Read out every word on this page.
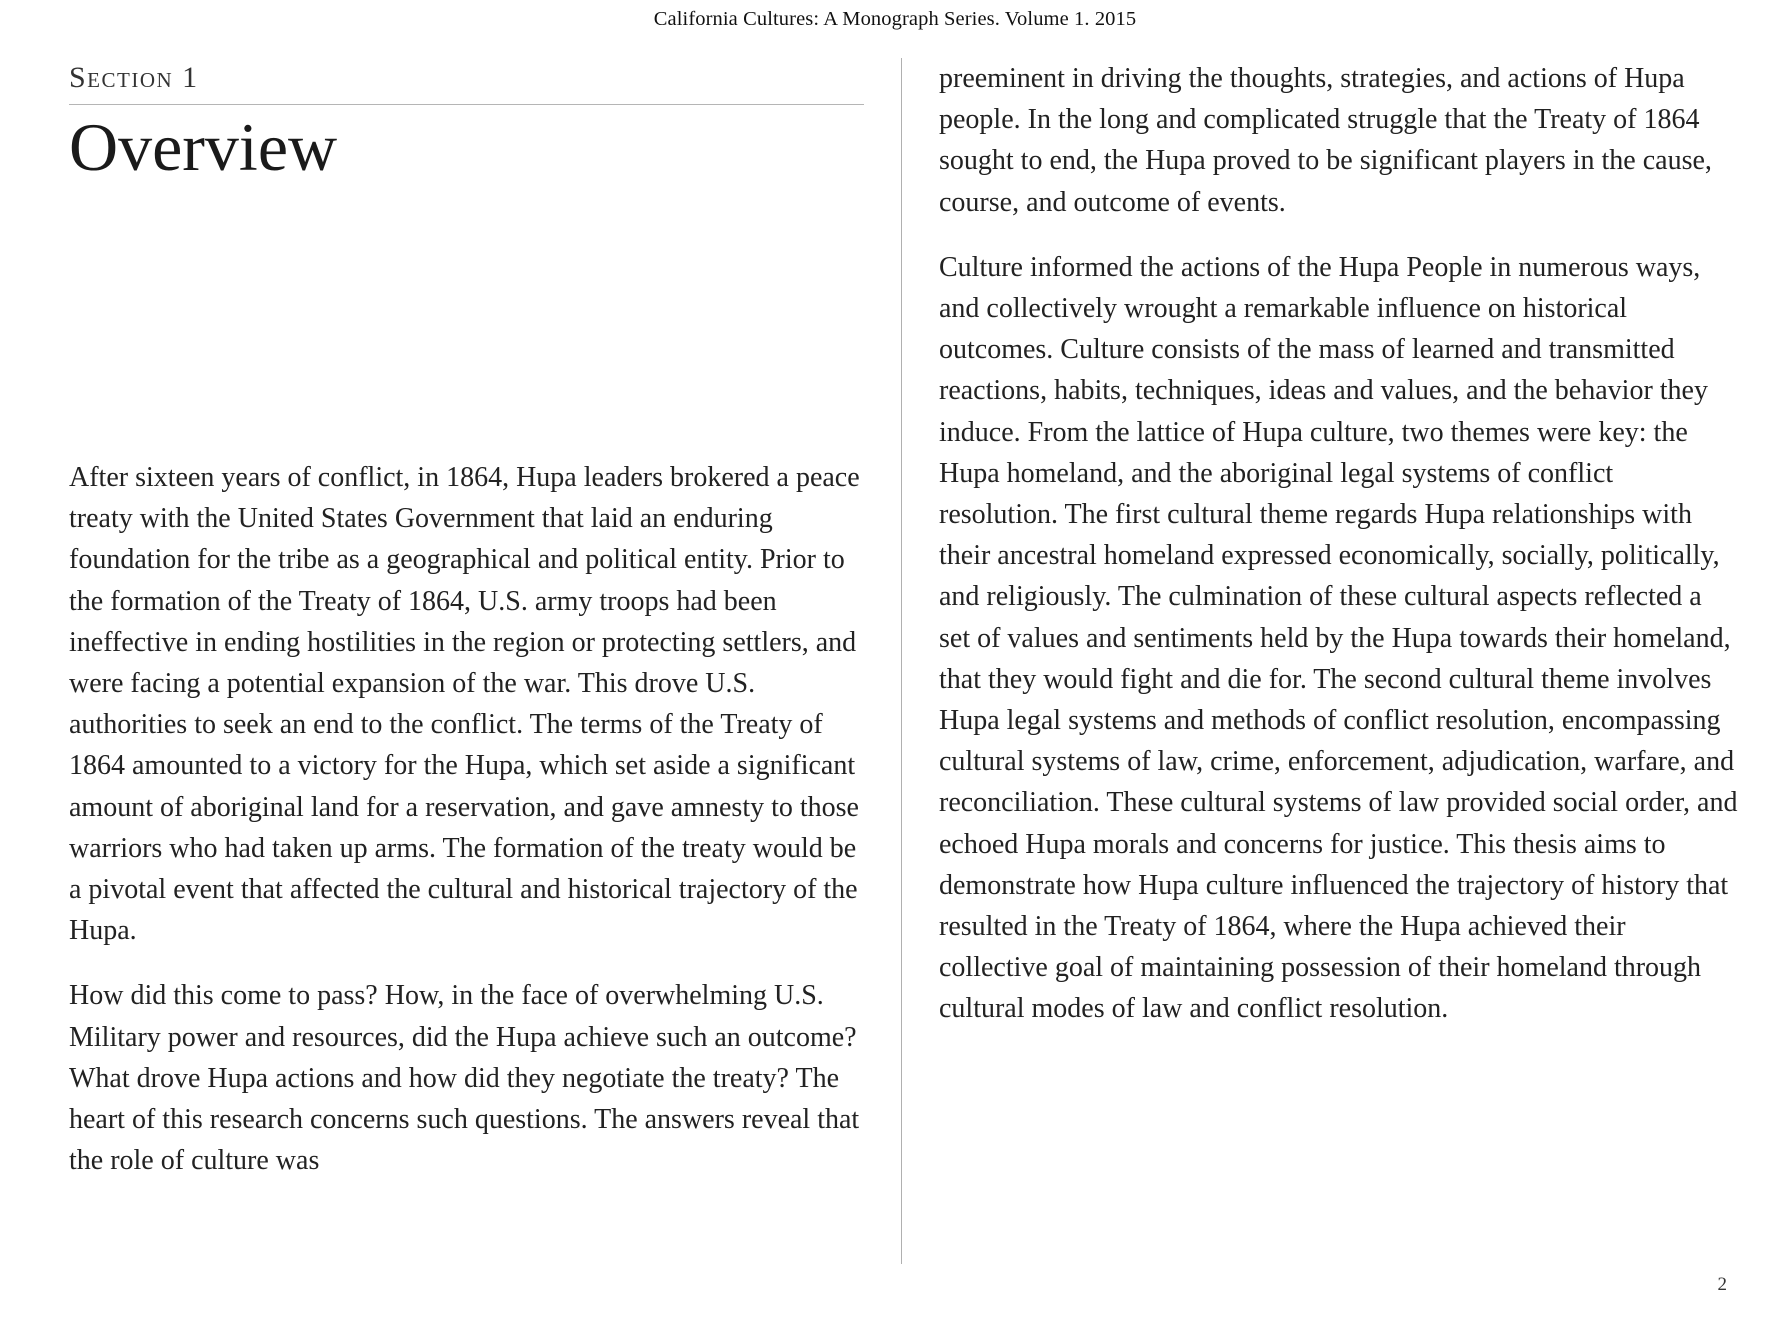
California Cultures: A Monograph Series. Volume 1. 2015
Section 1
Overview

After sixteen years of conflict, in 1864, Hupa leaders brokered a peace treaty with the United States Government that laid an enduring foundation for the tribe as a geographical and political entity. Prior to the formation of the Treaty of 1864, U.S. army troops had been ineffective in ending hostilities in the region or protecting settlers, and were facing a potential expansion of the war. This drove U.S. authorities to seek an end to the conflict. The terms of the Treaty of 1864 amounted to a victory for the Hupa, which set aside a significant amount of aboriginal land for a reservation, and gave amnesty to those warriors who had taken up arms. The formation of the treaty would be a pivotal event that affected the cultural and historical trajectory of the Hupa.

How did this come to pass? How, in the face of overwhelming U.S. Military power and resources, did the Hupa achieve such an outcome? What drove Hupa actions and how did they negotiate the treaty? The heart of this research concerns such questions. The answers reveal that the role of culture was

preeminent in driving the thoughts, strategies, and actions of Hupa people. In the long and complicated struggle that the Treaty of 1864 sought to end, the Hupa proved to be significant players in the cause, course, and outcome of events.

Culture informed the actions of the Hupa People in numerous ways, and collectively wrought a remarkable influence on historical outcomes. Culture consists of the mass of learned and transmitted reactions, habits, techniques, ideas and values, and the behavior they induce. From the lattice of Hupa culture, two themes were key: the Hupa homeland, and the aboriginal legal systems of conflict resolution. The first cultural theme regards Hupa relationships with their ancestral homeland expressed economically, socially, politically, and religiously. The culmination of these cultural aspects reflected a set of values and sentiments held by the Hupa towards their homeland, that they would fight and die for. The second cultural theme involves Hupa legal systems and methods of conflict resolution, encompassing cultural systems of law, crime, enforcement, adjudication, warfare, and reconciliation. These cultural systems of law provided social order, and echoed Hupa morals and concerns for justice. This thesis aims to demonstrate how Hupa culture influenced the trajectory of history that resulted in the Treaty of 1864, where the Hupa achieved their collective goal of maintaining possession of their homeland through cultural modes of law and conflict resolution.

2
